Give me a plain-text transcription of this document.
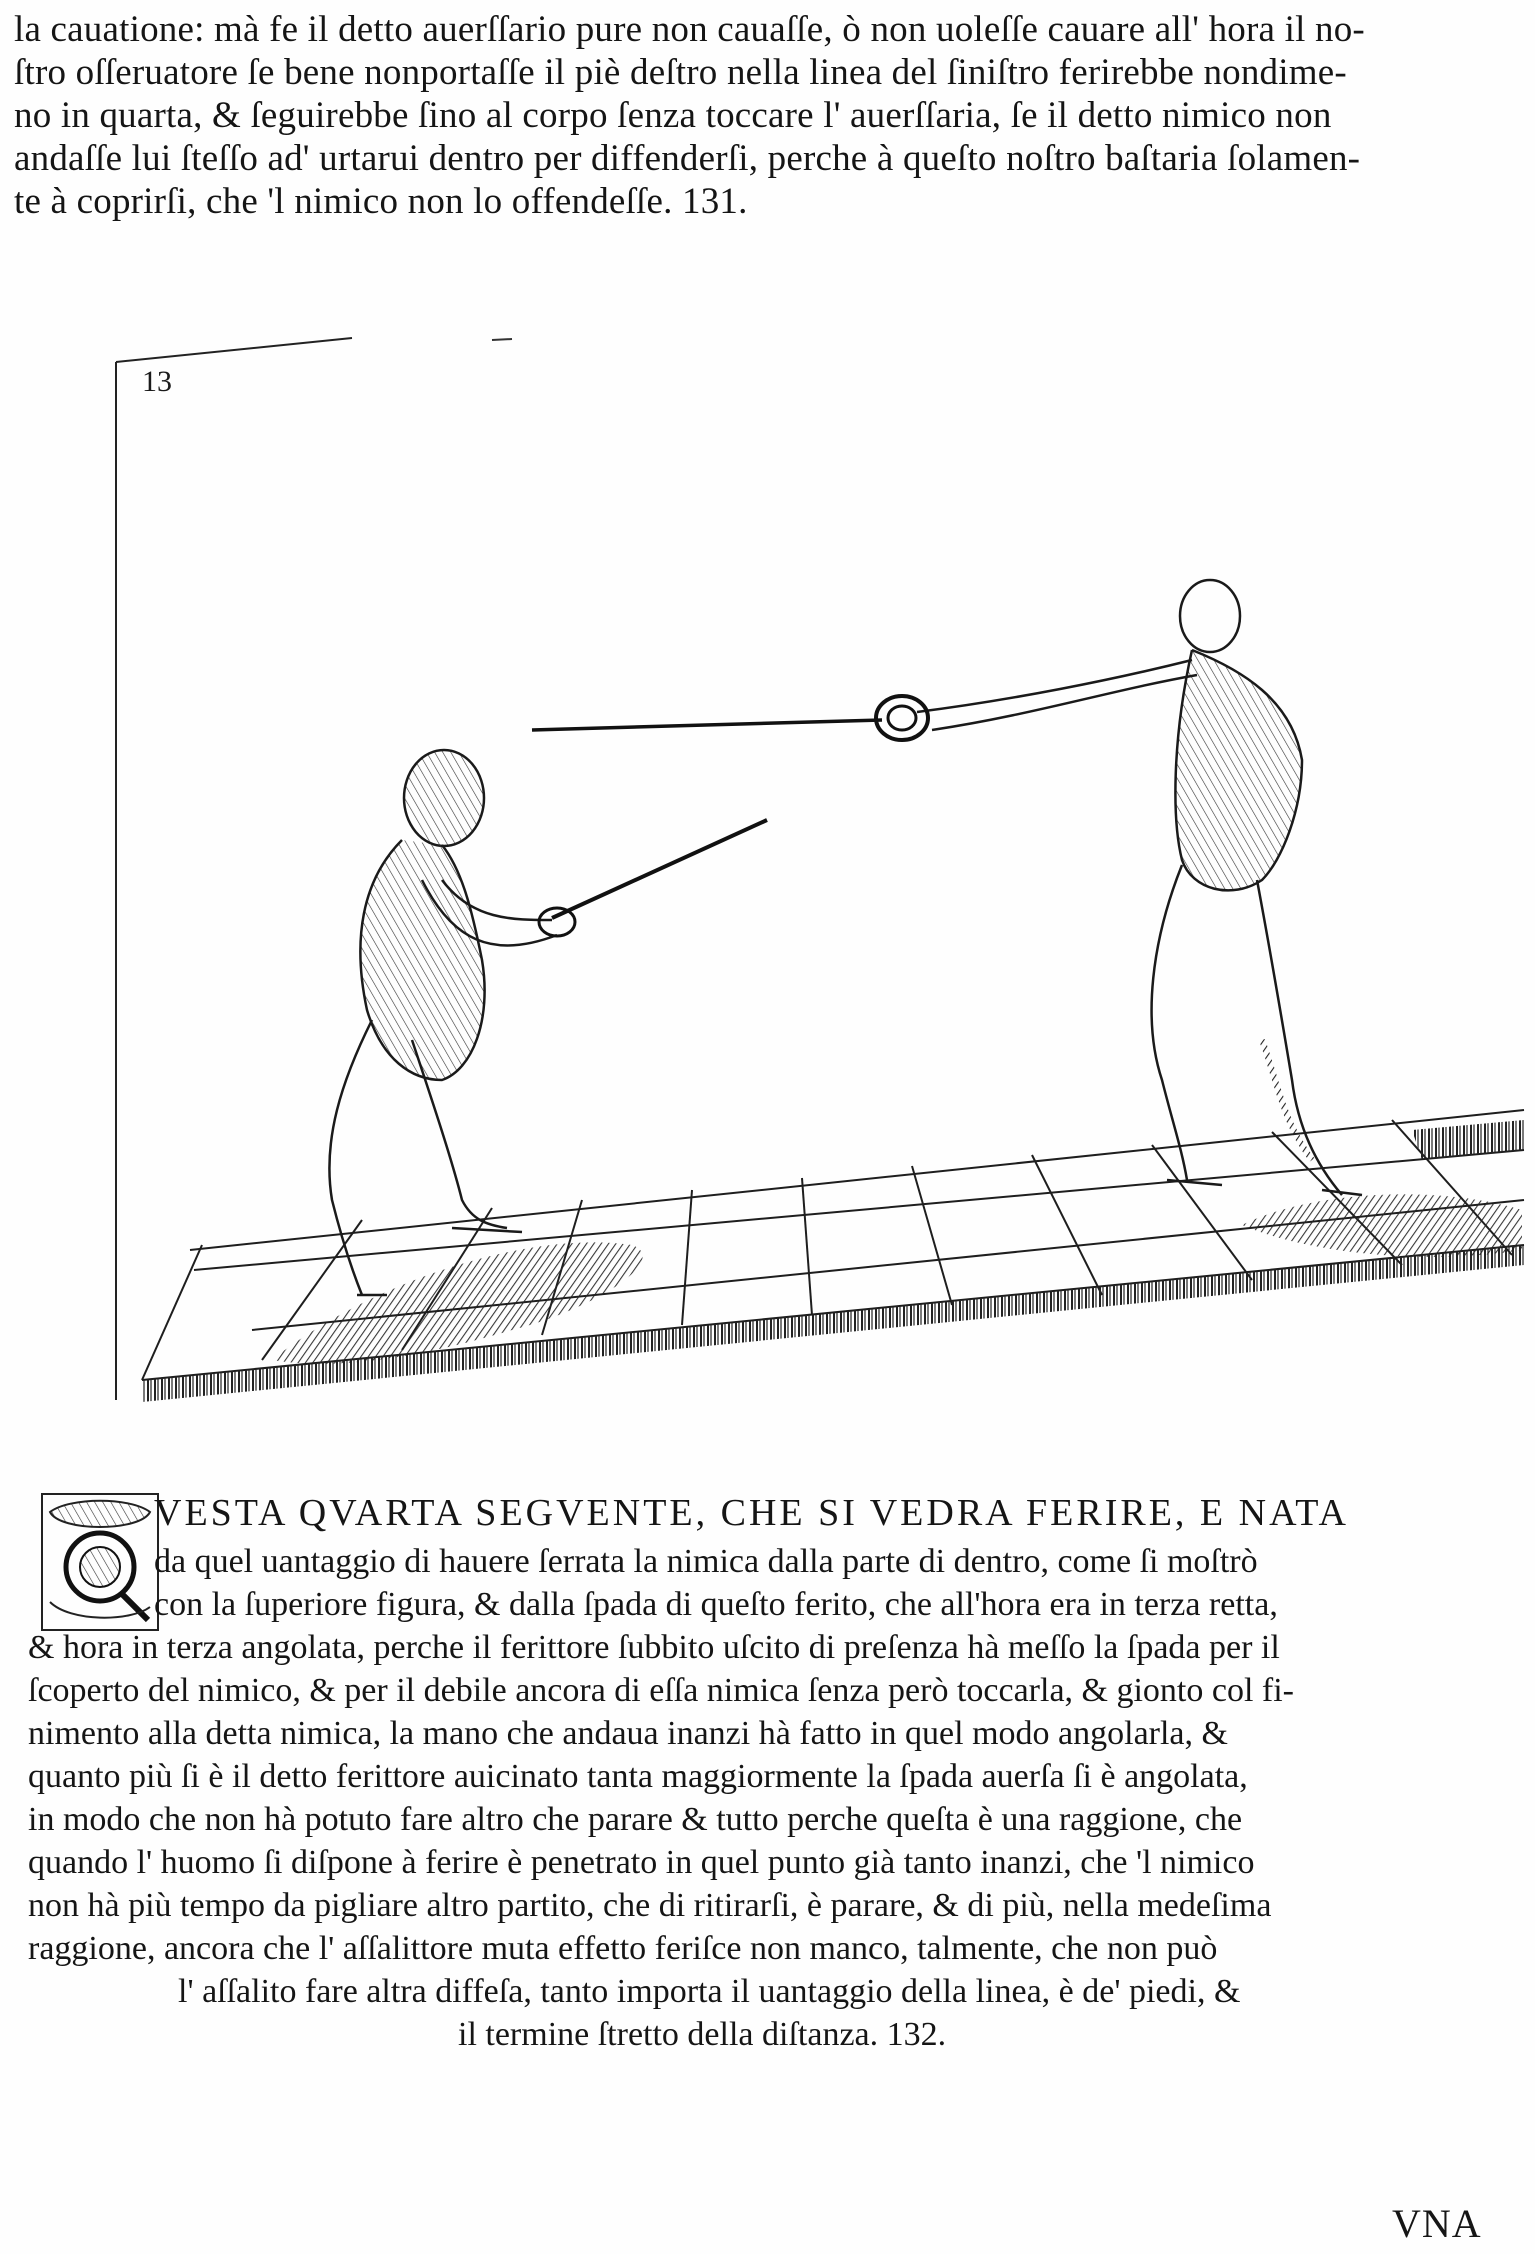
la cauatione: mà fe il detto auerſſario pure non cauaſſe, ò non uoleſſe cauare all' hora il no-
ſtro oſſeruatore ſe bene nonportaſſe il piè deſtro nella linea del ſiniſtro ferirebbe nondime-
no in quarta, & ſeguirebbe ſino al corpo ſenza toccare l' auerſſaria, ſe il detto nimico non
andaſſe lui ſteſſo ad' urtarui dentro per diffenderſi, perche à queſto noſtro baſtaria ſolamen-
te à coprirſi, che 'l nimico non lo offendeſſe. 131.
13
VESTA QVARTA SEGVENTE, CHE SI VEDRA FERIRE, E NATA
da quel uantaggio di hauere ſerrata la nimica dalla parte di dentro, come ſi moſtrò
con la ſuperiore figura, & dalla ſpada di queſto ferito, che all'hora era in terza retta,
& hora in terza angolata, perche il ferittore ſubbito uſcito di preſenza hà meſſo la ſpada per il
ſcoperto del nimico, & per il debile ancora di eſſa nimica ſenza però toccarla, & gionto col fi-
nimento alla detta nimica, la mano che andaua inanzi hà fatto in quel modo angolarla, &
quanto più ſi è il detto ferittore auicinato tanta maggiormente la ſpada auerſa ſi è angolata,
in modo che non hà potuto fare altro che parare & tutto perche queſta è una raggione, che
quando l' huomo ſi diſpone à ferire è penetrato in quel punto già tanto inanzi, che 'l nimico
non hà più tempo da pigliare altro partito, che di ritirarſi, è parare, & di più, nella medeſima
raggione, ancora che l' aſſalittore muta effetto feriſce non manco, talmente, che non può
l' aſſalito fare altra diffeſa, tanto importa il uantaggio della linea, è de' piedi, &
il termine ſtretto della diſtanza. 132.
VNA
